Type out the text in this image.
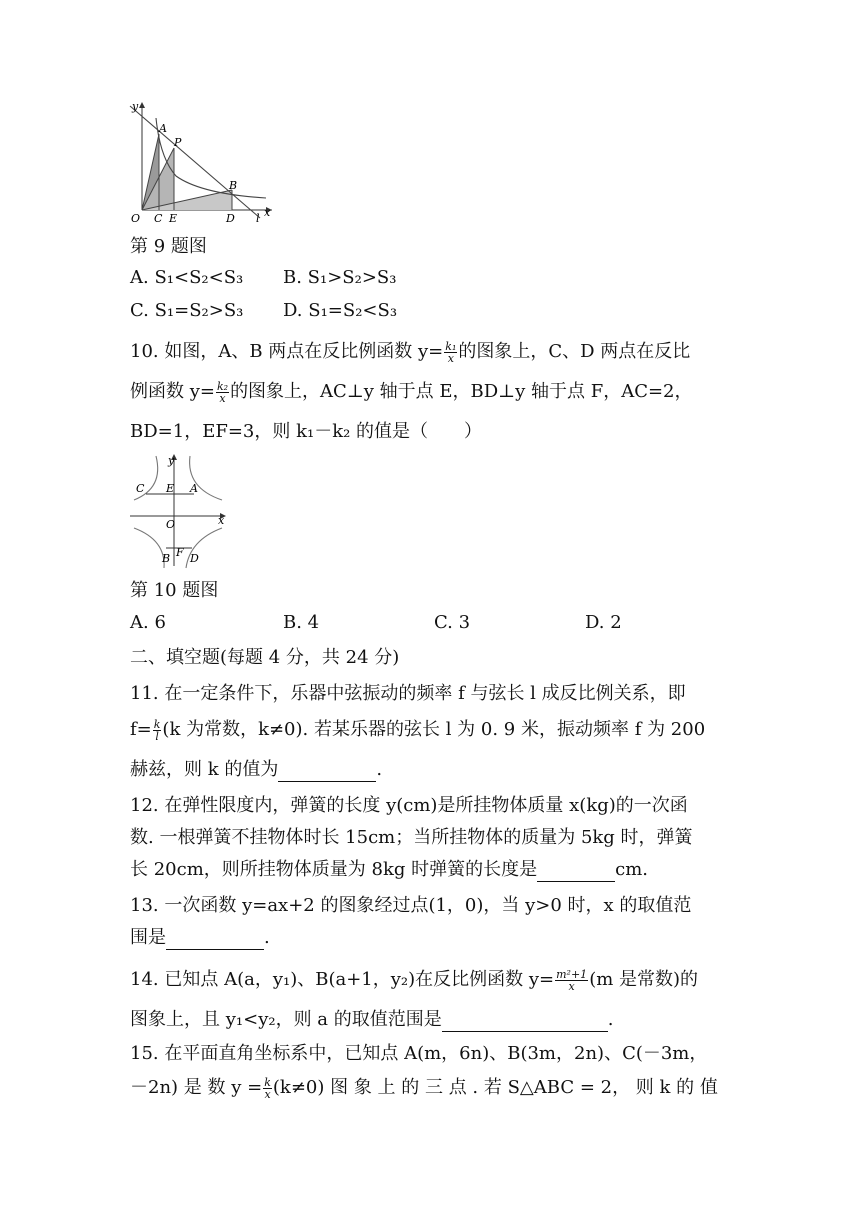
y
A
P
B
O C E	D l x
第 9 题图
A. S₁<S₂<S₃ B. S₁>S₂>S₃
C. S₁=S₂>S₃ D. S₁=S₂<S₃
10. 如图，A、B 两点在反比例函数 $y= \frac{\text{k₁}}{x}$ 的图象上，C、D 两点在反比
例函数 $y= \frac{\text{k₂}}{x}$ 的图象上，AC⊥y 轴于点 E，BD⊥y 轴于点 F，AC=2，
BD=1，EF=3，则 k₁－k₂ 的值是（　　）
y
C E A
O	x
B F D
第 10 题图
A. 6	B. 4	C. 3	D. 2
二、填空题(每题 4 分，共 24 分)
11. 在一定条件下，乐器中弦振动的频率 f 与弦长 l 成反比例关系，即
$f= \frac{k}{l} (k$ 为常数，k≠0). 若某乐器的弦长 l 为 0. 9 米，振动频率 f 为 200
赫兹，则 k 的值为	.
12. 在弹性限度内，弹簧的长度 y(cm)是所挂物体质量 x(kg)的一次函
数. 一根弹簧不挂物体时长 15cm；当所挂物体的质量为 5kg 时，弹簧
长 20cm，则所挂物体质量为 8kg 时弹簧的长度是	cm.
13. 一次函数 y=ax+2 的图象经过点(1，0)，当 y>0 时，x 的取值范
围是	.
14. 已知点 A(a，y₁)、B(a+1，y₂)在反比例函数 $y= \frac{\text{m²+1}}{x} (m$ 是常数)的
图象上，且 y₁<y₂，则 a 的取值范围是	.
15. 在平面直角坐标系中，已知点 A(m，6n)、B(3m，2n)、C(－3m，
－2n) 是 数 $y = \frac{k}{x} (k\ne 0)$ 图 象 上 的 三 点 . 若 S△ABC = 2， 则 k 的 值
